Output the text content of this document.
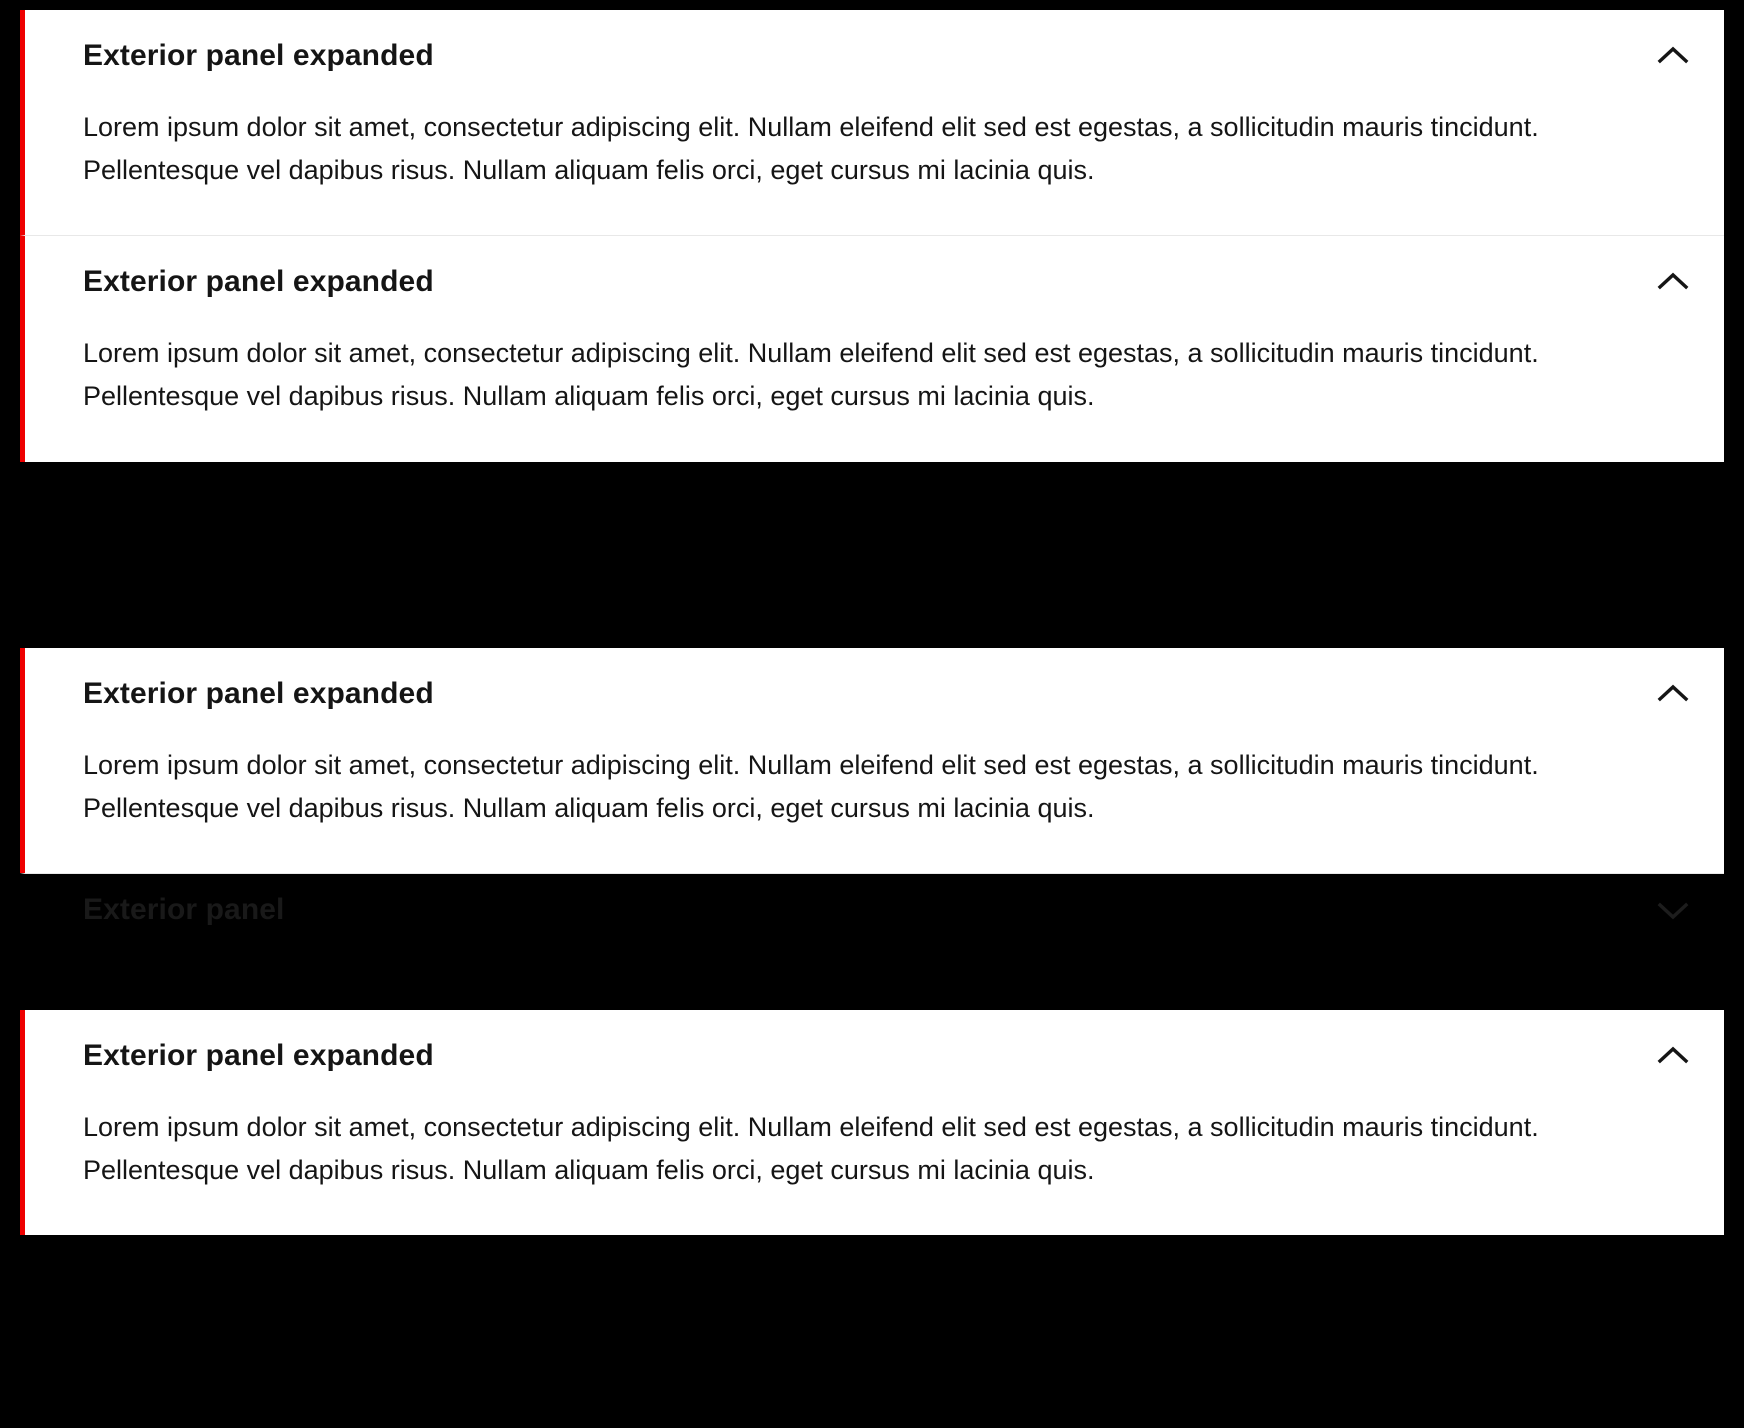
Exterior panel expanded

Lorem ipsum dolor sit amet, consectetur adipiscing elit. Nullam eleifend elit sed est egestas, a sollicitudin mauris tincidunt. Pellentesque vel dapibus risus. Nullam aliquam felis orci, eget cursus mi lacinia quis.

Exterior panel expanded

Lorem ipsum dolor sit amet, consectetur adipiscing elit. Nullam eleifend elit sed est egestas, a sollicitudin mauris tincidunt. Pellentesque vel dapibus risus. Nullam aliquam felis orci, eget cursus mi lacinia quis.

Exterior panel expanded

Lorem ipsum dolor sit amet, consectetur adipiscing elit. Nullam eleifend elit sed est egestas, a sollicitudin mauris tincidunt. Pellentesque vel dapibus risus. Nullam aliquam felis orci, eget cursus mi lacinia quis.

Exterior panel
Exterior panel expanded

Lorem ipsum dolor sit amet, consectetur adipiscing elit. Nullam eleifend elit sed est egestas, a sollicitudin mauris tincidunt. Pellentesque vel dapibus risus. Nullam aliquam felis orci, eget cursus mi lacinia quis.
